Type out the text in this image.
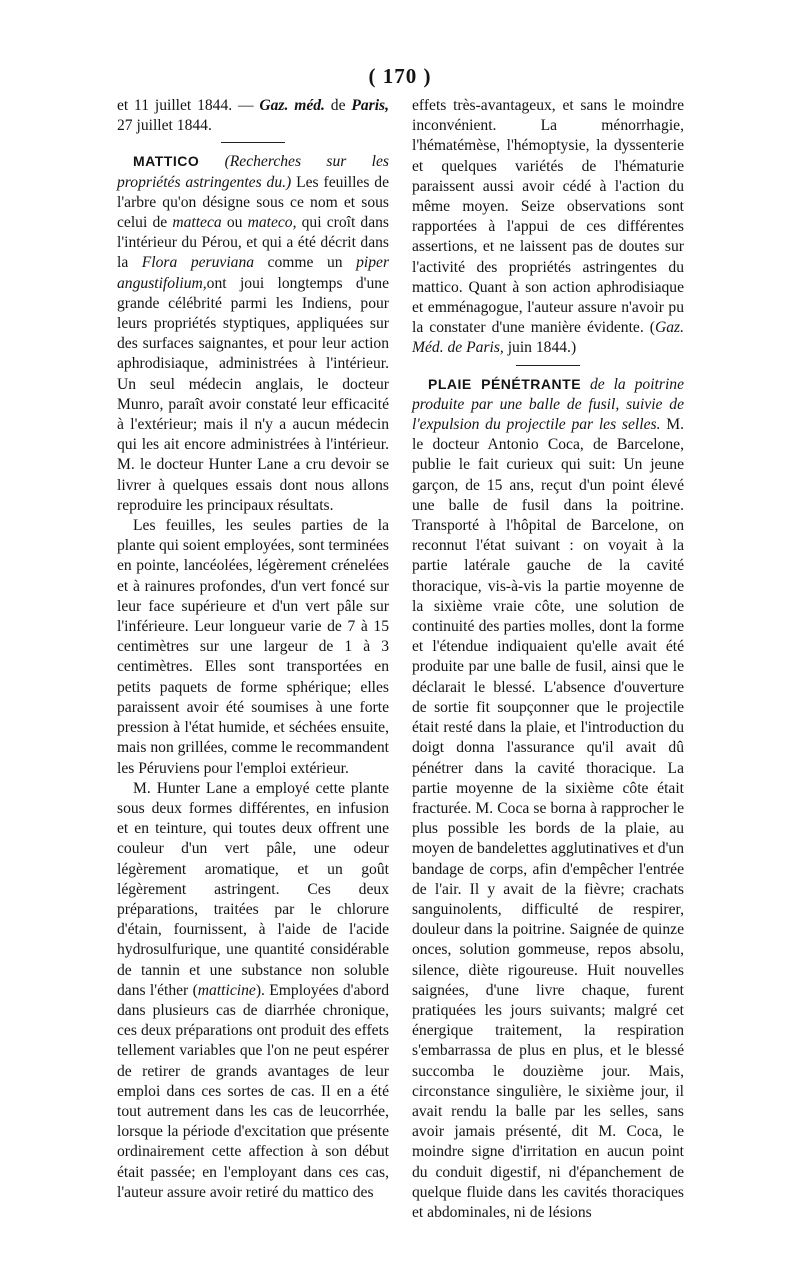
( 170 )

et 11 juillet 1844. — Gaz. méd. de Paris, 27 juillet 1844.

MATTICO (Recherches sur les propriétés astringentes du.) Les feuilles de l'arbre qu'on désigne sous ce nom et sous celui de matteca ou mateco, qui croît dans l'intérieur du Pérou, et qui a été décrit dans la Flora peruviana comme un piper angustifolium,ont joui longtemps d'une grande célébrité parmi les Indiens, pour leurs propriétés styptiques, appliquées sur des surfaces saignantes, et pour leur action aphrodisiaque, administrées à l'intérieur. Un seul médecin anglais, le docteur Munro, paraît avoir constaté leur efficacité à l'extérieur; mais il n'y a aucun médecin qui les ait encore administrées à l'intérieur. M. le docteur Hunter Lane a cru devoir se livrer à quelques essais dont nous allons reproduire les principaux résultats.

Les feuilles, les seules parties de la plante qui soient employées, sont terminées en pointe, lancéolées, légèrement crénelées et à rainures profondes, d'un vert foncé sur leur face supérieure et d'un vert pâle sur l'inférieure. Leur longueur varie de 7 à 15 centimètres sur une largeur de 1 à 3 centimètres. Elles sont transportées en petits paquets de forme sphérique; elles paraissent avoir été soumises à une forte pression à l'état humide, et séchées ensuite, mais non grillées, comme le recommandent les Péruviens pour l'emploi extérieur.

M. Hunter Lane a employé cette plante sous deux formes différentes, en infusion et en teinture, qui toutes deux offrent une couleur d'un vert pâle, une odeur légèrement aromatique, et un goût légèrement astringent. Ces deux préparations, traitées par le chlorure d'étain, fournissent, à l'aide de l'acide hydrosulfurique, une quantité considérable de tannin et une substance non soluble dans l'éther (matticine). Employées d'abord dans plusieurs cas de diarrhée chronique, ces deux préparations ont produit des effets tellement variables que l'on ne peut espérer de retirer de grands avantages de leur emploi dans ces sortes de cas. Il en a été tout autrement dans les cas de leucorrhée, lorsque la période d'excitation que présente ordinairement cette affection à son début était passée; en l'employant dans ces cas, l'auteur assure avoir retiré du mattico des

effets très-avantageux, et sans le moindre inconvénient. La ménorrhagie, l'hématémèse, l'hémoptysie, la dyssenterie et quelques variétés de l'hématurie paraissent aussi avoir cédé à l'action du même moyen. Seize observations sont rapportées à l'appui de ces différentes assertions, et ne laissent pas de doutes sur l'activité des propriétés astringentes du mattico. Quant à son action aphrodisiaque et emménagogue, l'auteur assure n'avoir pu la constater d'une manière évidente. (Gaz. Méd. de Paris, juin 1844.)

PLAIE PÉNÉTRANTE de la poitrine produite par une balle de fusil, suivie de l'expulsion du projectile par les selles. M. le docteur Antonio Coca, de Barcelone, publie le fait curieux qui suit: Un jeune garçon, de 15 ans, reçut d'un point élevé une balle de fusil dans la poitrine. Transporté à l'hôpital de Barcelone, on reconnut l'état suivant : on voyait à la partie latérale gauche de la cavité thoracique, vis-à-vis la partie moyenne de la sixième vraie côte, une solution de continuité des parties molles, dont la forme et l'étendue indiquaient qu'elle avait été produite par une balle de fusil, ainsi que le déclarait le blessé. L'absence d'ouverture de sortie fit soupçonner que le projectile était resté dans la plaie, et l'introduction du doigt donna l'assurance qu'il avait dû pénétrer dans la cavité thoracique. La partie moyenne de la sixième côte était fracturée. M. Coca se borna à rapprocher le plus possible les bords de la plaie, au moyen de bandelettes agglutinatives et d'un bandage de corps, afin d'empêcher l'entrée de l'air. Il y avait de la fièvre; crachats sanguinolents, difficulté de respirer, douleur dans la poitrine. Saignée de quinze onces, solution gommeuse, repos absolu, silence, diète rigoureuse. Huit nouvelles saignées, d'une livre chaque, furent pratiquées les jours suivants; malgré cet énergique traitement, la respiration s'embarrassa de plus en plus, et le blessé succomba le douzième jour. Mais, circonstance singulière, le sixième jour, il avait rendu la balle par les selles, sans avoir jamais présenté, dit M. Coca, le moindre signe d'irritation en aucun point du conduit digestif, ni d'épanchement de quelque fluide dans les cavités thoraciques et abdominales, ni de lésions
